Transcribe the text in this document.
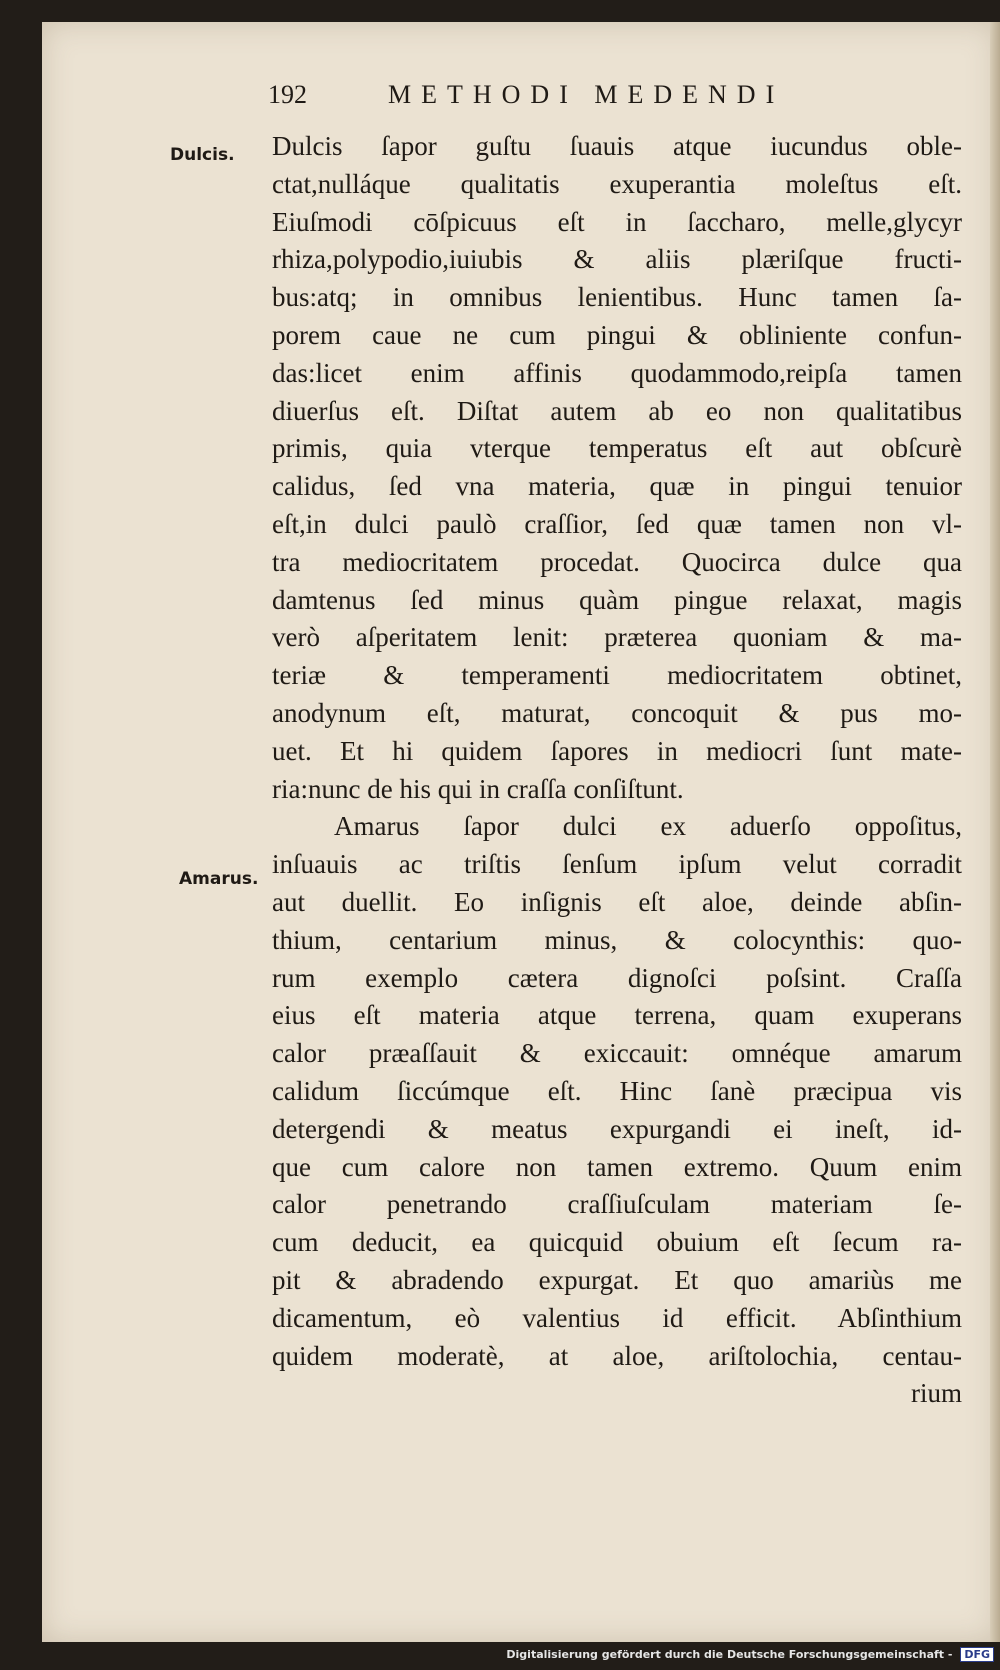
192	METHODI MEDENDI
Dulcis.
Amarus.
Dulcis ſapor guſtu ſuauis atque iucundus oble-
ctat,nulláque qualitatis exuperantia moleſtus eſt.
Eiuſmodi cōſpicuus eſt in ſaccharo, melle,glycyr
rhiza,polypodio,iuiubis & aliis plæriſque fructi-
bus:atq; in omnibus lenientibus. Hunc tamen ſa-
porem caue ne cum pingui & obliniente confun-
das:licet enim affinis quodammodo,reipſa tamen
diuerſus eſt. Diſtat autem ab eo non qualitatibus
primis, quia vterque temperatus eſt aut obſcurè
calidus, ſed vna materia, quæ in pingui tenuior
eſt,in dulci paulò craſſior, ſed quæ tamen non vl-
tra mediocritatem procedat. Quocirca dulce qua
damtenus ſed minus quàm pingue relaxat, magis
verò aſperitatem lenit: præterea quoniam & ma-
teriæ & temperamenti mediocritatem obtinet,
anodynum eſt, maturat, concoquit & pus mo-
uet. Et hi quidem ſapores in mediocri ſunt mate-
ria:nunc de his qui in craſſa conſiſtunt.
Amarus ſapor dulci ex aduerſo oppoſitus,
inſuauis ac triſtis ſenſum ipſum velut corradit
aut duellit. Eo inſignis eſt aloe, deinde abſin-
thium, centarium minus, & colocynthis: quo-
rum exemplo cætera dignoſci poſsint. Craſſa
eius eſt materia atque terrena, quam exuperans
calor præaſſauit & exiccauit: omnéque amarum
calidum ſiccúmque eſt. Hinc ſanè præcipua vis
detergendi & meatus expurgandi ei ineſt, id-
que cum calore non tamen extremo. Quum enim
calor penetrando craſſiuſculam materiam ſe-
cum deducit, ea quicquid obuium eſt ſecum ra-
pit & abradendo expurgat. Et quo amariùs me
dicamentum, eò valentius id efficit. Abſinthium
quidem moderatè, at aloe, ariſtolochia, centau-
rium
Digitalisierung gefördert durch die Deutsche Forschungsgemeinschaft - DFG
